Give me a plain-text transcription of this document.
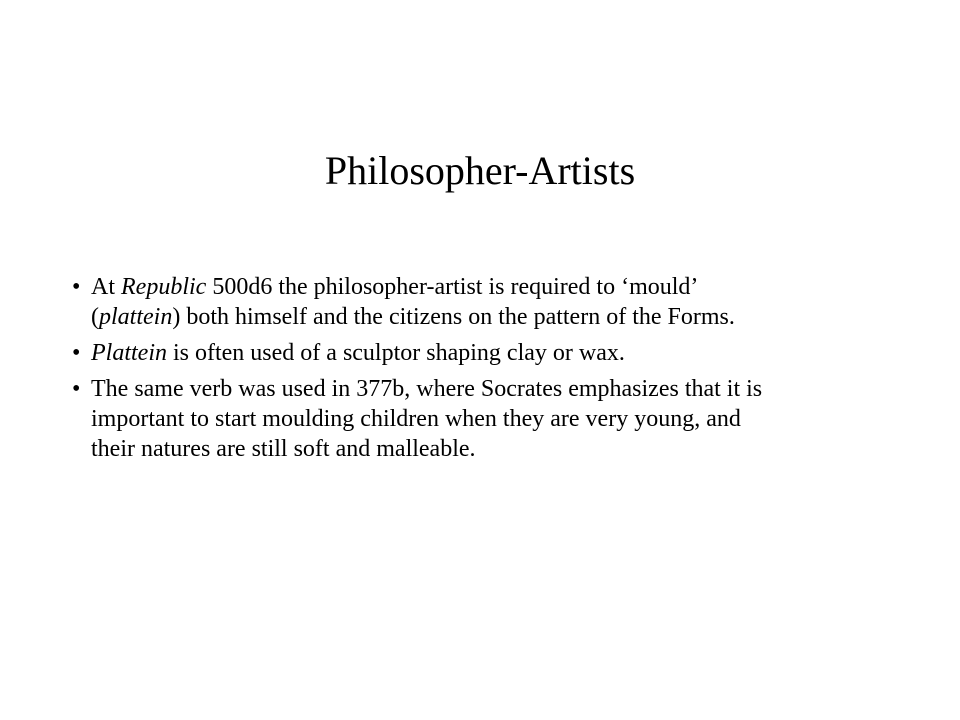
Philosopher-Artists
• At Republic 500d6 the philosopher-artist is required to ‘mould’
(plattein) both himself and the citizens on the pattern of the Forms.
• Plattein is often used of a sculptor shaping clay or wax.
• The same verb was used in 377b, where Socrates emphasizes that it is
important to start moulding children when they are very young, and
their natures are still soft and malleable.
